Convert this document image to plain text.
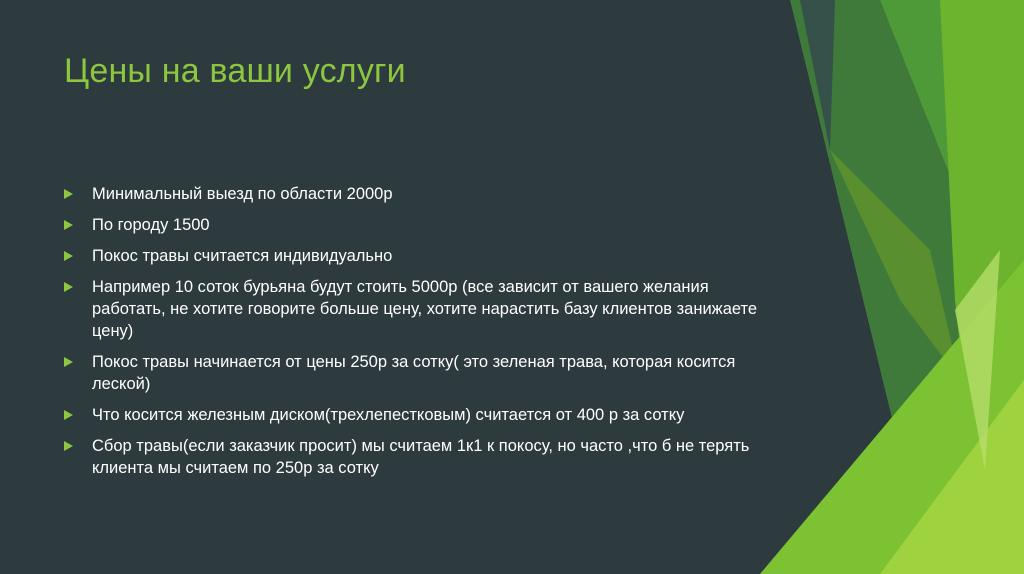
Цены на ваши услуги
Минимальный выезд по области 2000р
По городу 1500
Покос травы считается индивидуально
Например 10 соток бурьяна будут стоить 5000р (все зависит от вашего желания работать, не хотите говорите больше цену, хотите нарастить базу клиентов занижаете цену)
Покос травы начинается от цены 250р за сотку( это зеленая трава, которая косится леской)
Что косится железным диском(трехлепестковым) считается от 400 р за сотку
Сбор травы(если заказчик просит) мы считаем 1к1 к покосу, но часто ,что б не терять клиента мы считаем по 250р за сотку
